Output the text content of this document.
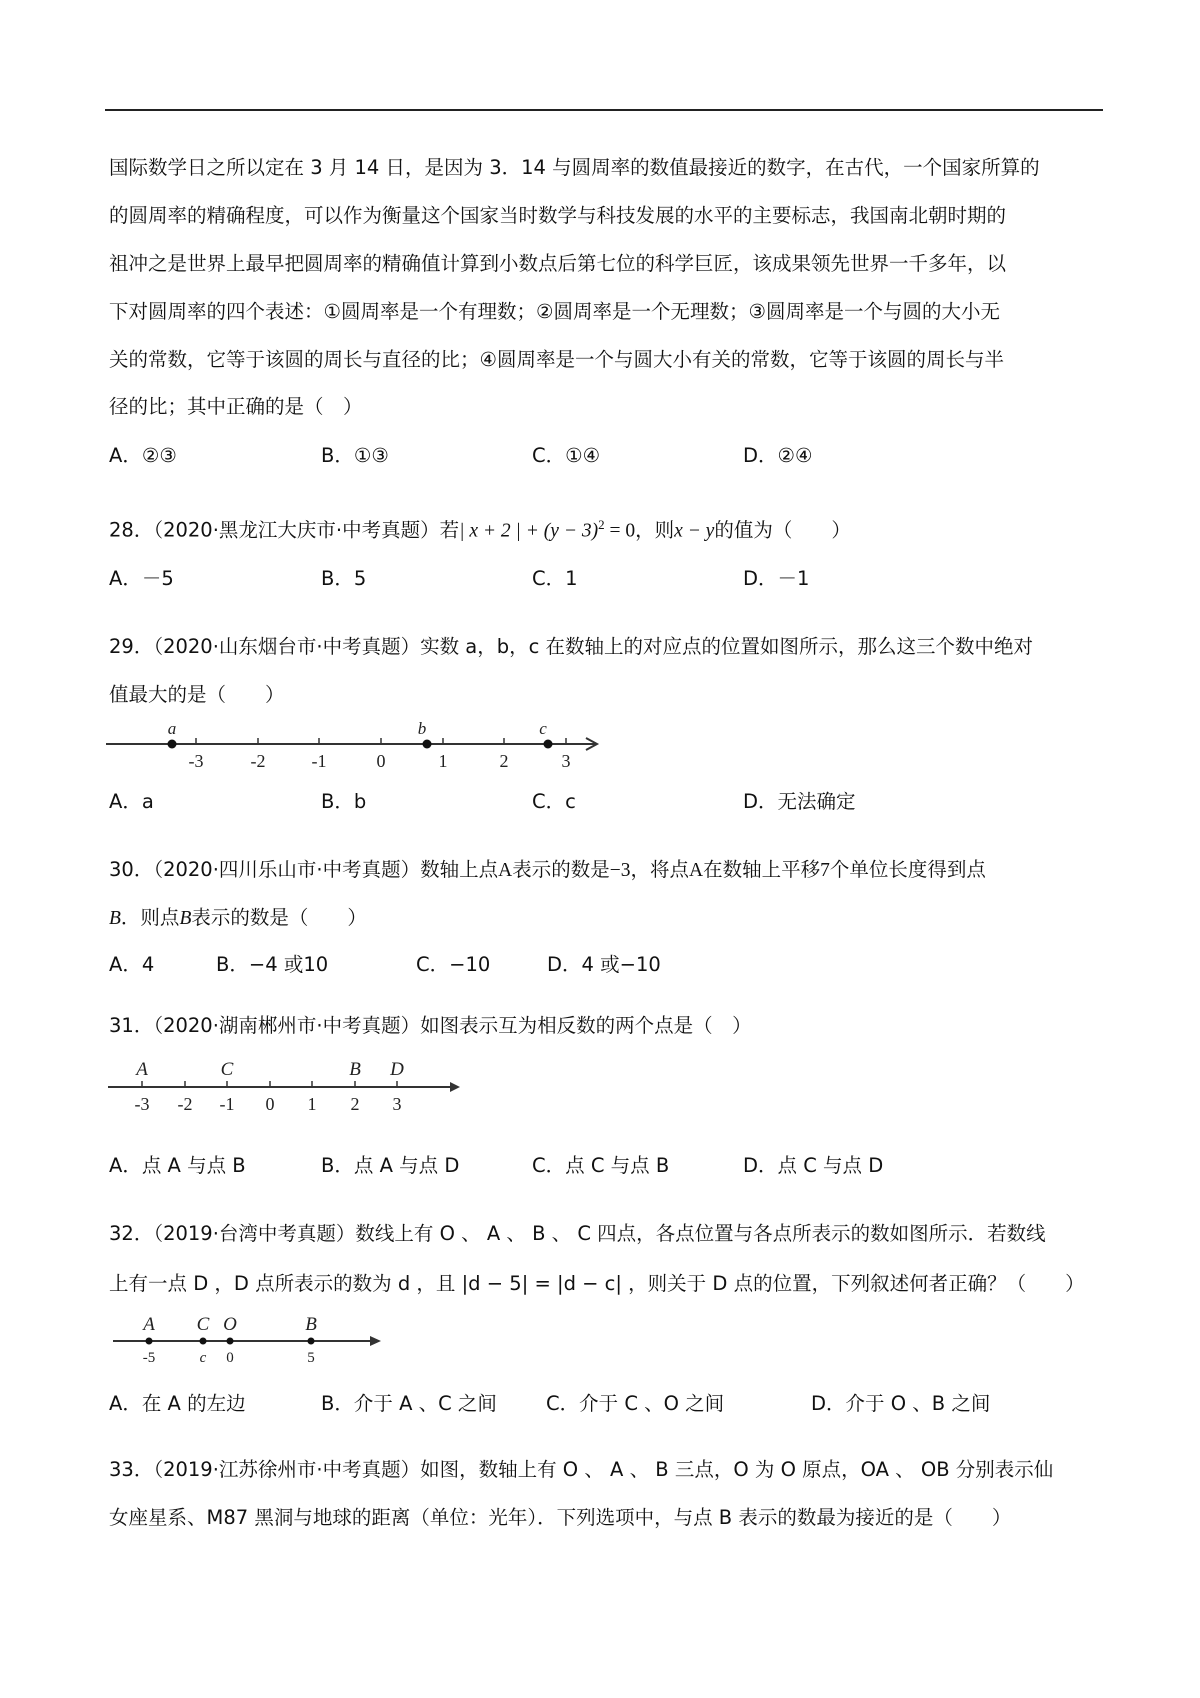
国际数学日之所以定在 3 月 14 日，是因为 3．14 与圆周率的数值最接近的数字，在古代，一个国家所算的
的圆周率的精确程度，可以作为衡量这个国家当时数学与科技发展的水平的主要标志，我国南北朝时期的
祖冲之是世界上最早把圆周率的精确值计算到小数点后第七位的科学巨匠，该成果领先世界一千多年，以
下对圆周率的四个表述：①圆周率是一个有理数；②圆周率是一个无理数；③圆周率是一个与圆的大小无
关的常数，它等于该圆的周长与直径的比；④圆周率是一个与圆大小有关的常数，它等于该圆的周长与半
径的比；其中正确的是（　）
A．②③	B．①③	C．①④	D．②④
28．（2020·黑龙江大庆市·中考真题）若| x + 2 | + $(y - 3)^2 = 0$，则x − y的值为（　　）
A．－5	B．5	C．1	D．－1
29．（2020·山东烟台市·中考真题）实数 a，b，c 在数轴上的对应点的位置如图所示，那么这三个数中绝对
值最大的是（　　）
-3	-2	-1	0	1	2	3
a	b	c
A．a	B．b	C．c	D．无法确定
30．（2020·四川乐山市·中考真题）数轴上点A表示的数是−3，将点A在数轴上平移7个单位长度得到点
B．则点B表示的数是（　　）
A．4	B．−4 或10	C．−10	D．4 或−10
31．（2020·湖南郴州市·中考真题）如图表示互为相反数的两个点是（　）
-3 -2 -1 0 1 2 3
A	C	B D
A．点 A 与点 B	B．点 A 与点 D	C．点 C 与点 B	D．点 C 与点 D
32．（2019·台湾中考真题）数线上有 O 、 A 、 B 、 C 四点，各点位置与各点所表示的数如图所示．若数线
上有一点 D ，D 点所表示的数为 d ，且 |d − 5| = |d − c| ，则关于 D 点的位置，下列叙述何者正确？（　　）
A C O	B
-5	c 0	5
A．在 A 的左边	B．介于 A 、C 之间	C．介于 C 、O 之间	D．介于 O 、B 之间
33．（2019·江苏徐州市·中考真题）如图，数轴上有 O 、 A 、 B 三点，O 为 O 原点，OA 、 OB 分别表示仙
女座星系、M87 黑洞与地球的距离（单位：光年）．下列选项中，与点 B 表示的数最为接近的是（　　）
